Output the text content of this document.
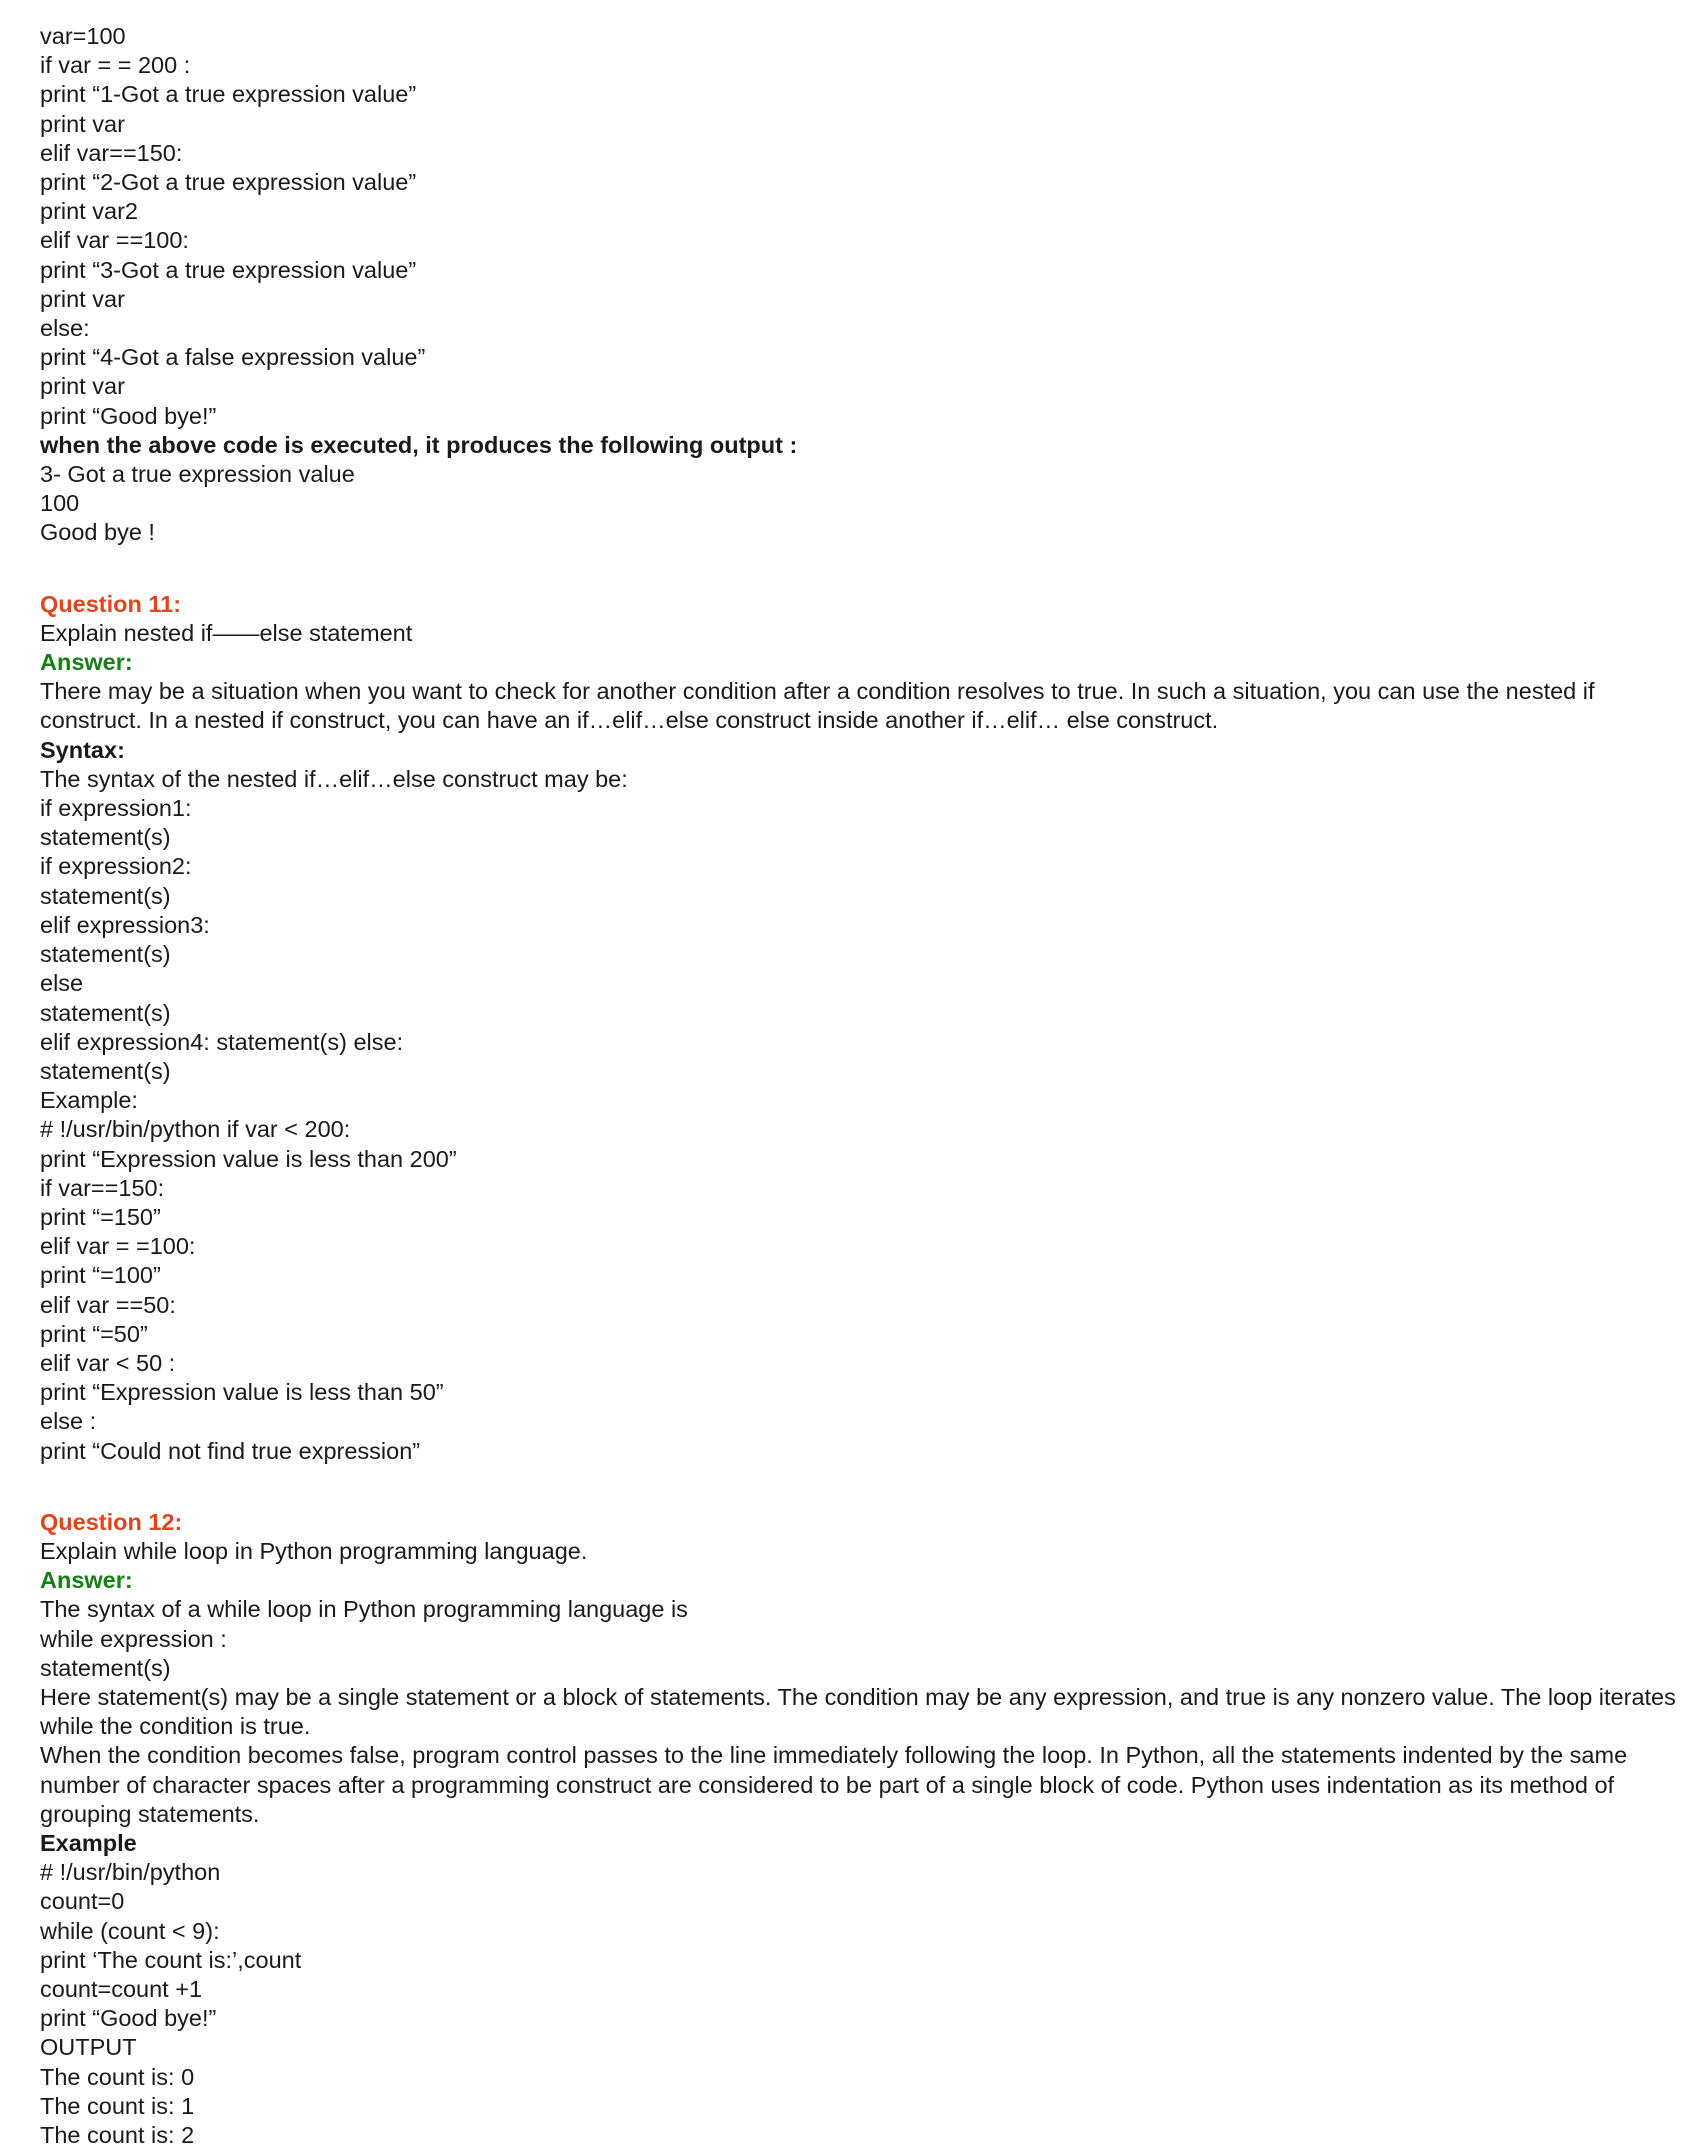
var=100
if var = = 200 :
print “1-Got a true expression value”
print var
elif var==150:
print “2-Got a true expression value”
print var2
elif var ==100:
print “3-Got a true expression value”
print var
else:
print “4-Got a false expression value”
print var
print “Good bye!”
when the above code is executed, it produces the following output :
3- Got a true expression value
100
Good bye !
Question 11:
Explain nested if——else statement
Answer:
There may be a situation when you want to check for another condition after a condition resolves to true. In such a situation, you can use the nested if construct. In a nested if construct, you can have an if…elif…else construct inside another if…elif… else construct.
Syntax:
The syntax of the nested if…elif…else construct may be:
if expression1:
statement(s)
if expression2:
statement(s)
elif expression3:
statement(s)
else
statement(s)
elif expression4: statement(s) else:
statement(s)
Example:
# !/usr/bin/python if var < 200:
print “Expression value is less than 200”
if var==150:
print “=150”
elif var = =100:
print “=100”
elif var ==50:
print “=50”
elif var < 50 :
print “Expression value is less than 50”
else :
print “Could not find true expression”
Question 12:
Explain while loop in Python programming language.
Answer:
The syntax of a while loop in Python programming language is
while expression :
statement(s)
Here statement(s) may be a single statement or a block of statements. The condition may be any expression, and true is any nonzero value. The loop iterates while the condition is true.
When the condition becomes false, program control passes to the line immediately following the loop. In Python, all the statements indented by the same number of character spaces after a programming construct are considered to be part of a single block of code. Python uses indentation as its method of grouping statements.
Example
# !/usr/bin/python
count=0
while (count < 9):
print ‘The count is:’,count
count=count +1
print “Good bye!”
OUTPUT
The count is: 0
The count is: 1
The count is: 2
